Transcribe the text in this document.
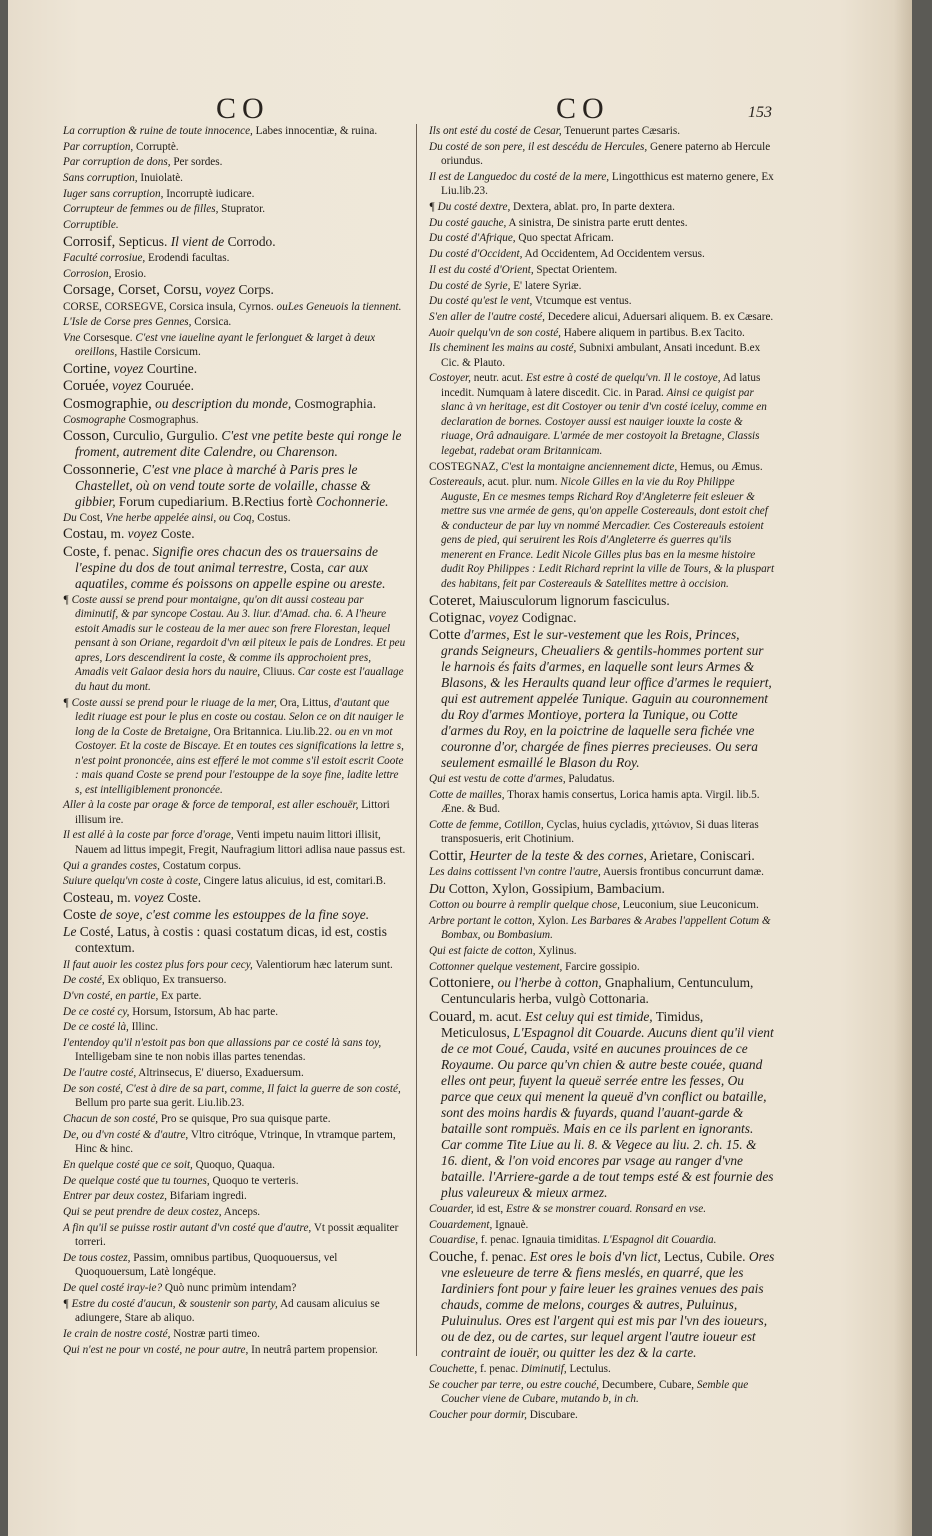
CO	CO	153
La corruption & ruine de toute innocence, Labes innocentiæ, & ruina.
Par corruption, Corruptè.
Par corruption de dons, Per sordes.
Sans corruption, Inuiolatè.
Iuger sans corruption, Incorruptè iudicare.
Corrupteur de femmes ou de filles, Stuprator.
Corruptible.
Corrosif, Septicus. Il vient de Corrodo.
Faculté corrosiue, Erodendi facultas.
Corrosion, Erosio.
Corsage, Corset, Corsu, voyez Corps.
CORSE, CORSEGVE, Corsica insula, Cyrnos. ouLes Geneuois la tiennent.
L'Isle de Corse pres Gennes, Corsica.
Vne Corsesque. C'est vne iaueline ayant le ferlonguet & larget à deux oreillons, Hastile Corsicum.
Cortine, voyez Courtine.
Coruée, voyez Couruée.
Cosmographie, ou description du monde, Cosmographia.
Cosmographe Cosmographus.
Cosson, Curculio, Gurgulio. C'est vne petite beste qui ronge le froment, autrement dite Calendre, ou Charenson.
Cossonnerie, C'est vne place à marché à Paris pres le Chastellet, où on vend toute sorte de volaille, chasse & gibbier, Forum cupediarium. B.Rectius fortè Cochonnerie.
Du Cost, Vne herbe appelée ainsi, ou Coq, Costus.
Costau, m. voyez Coste.
Coste, f. penac. Signifie ores chacun des os trauersains de l'espine du dos de tout animal terrestre, Costa, car aux aquatiles, comme és poissons on appelle espine ou areste.
¶ Coste aussi se prend pour montaigne, qu'on dit aussi costeau par diminutif, & par syncope Costau. Au 3. liur. d'Amad. cha. 6. A l'heure estoit Amadis sur le costeau de la mer auec son frere Florestan, lequel pensant à son Oriane, regardoit d'vn œil piteux le pais de Londres. Et peu apres, Lors descendirent la coste, & comme ils approchoient pres, Amadis veit Galaor desia hors du nauire, Cliuus. Car coste est l'auallage du haut du mont.
¶ Coste aussi se prend pour le riuage de la mer, Ora, Littus, d'autant que ledit riuage est pour le plus en coste ou costau. Selon ce on dit nauiger le long de la Coste de Bretaigne, Ora Britannica. Liu.lib.22. ou en vn mot Costoyer. Et la coste de Biscaye. Et en toutes ces significations la lettre s, n'est point prononcée, ains est efferé le mot comme s'il estoit escrit Coote : mais quand Coste se prend pour l'estouppe de la soye fine, ladite lettre s, est intelligiblement prononcée.
Aller à la coste par orage & force de temporal, est aller eschouër, Littori illisum ire.
Il est allé à la coste par force d'orage, Venti impetu nauim littori illisit, Nauem ad littus impegit, Fregit, Naufragium littori adlisa naue passus est.
Qui a grandes costes, Costatum corpus.
Suiure quelqu'vn coste à coste, Cingere latus alicuius, id est, comitari.B.
Costeau, m. voyez Coste.
Coste de soye, c'est comme les estouppes de la fine soye.
Le Costé, Latus, à costis : quasi costatum dicas, id est, costis contextum.
Il faut auoir les costez plus fors pour cecy, Valentiorum hæc laterum sunt.
De costé, Ex obliquo, Ex transuerso.
D'vn costé, en partie, Ex parte.
De ce costé cy, Horsum, Istorsum, Ab hac parte.
De ce costé là, Illinc.
I'entendoy qu'il n'estoit pas bon que allassions par ce costé là sans toy, Intelligebam sine te non nobis illas partes tenendas.
De l'autre costé, Altrinsecus, E' diuerso, Exaduersum.
De son costé, C'est à dire de sa part, comme, Il faict la guerre de son costé, Bellum pro parte sua gerit. Liu.lib.23.
Chacun de son costé, Pro se quisque, Pro sua quisque parte.
De, ou d'vn costé & d'autre, Vltro citróque, Vtrinque, In vtramque partem, Hinc & hinc.
En quelque costé que ce soit, Quoquo, Quaqua.
De quelque costé que tu tournes, Quoquo te verteris.
Entrer par deux costez, Bifariam ingredi.
Qui se peut prendre de deux costez, Anceps.
A fin qu'il se puisse rostir autant d'vn costé que d'autre, Vt possit æqualiter torreri.
De tous costez, Passim, omnibus partibus, Quoquouersus, vel Quoquouersum, Latè longéque.
De quel costé iray-ie? Quò nunc primùm intendam?
¶ Estre du costé d'aucun, & soustenir son party, Ad causam alicuius se adiungere, Stare ab aliquo.
Ie crain de nostre costé, Nostræ parti timeo.
Qui n'est ne pour vn costé, ne pour autre, In neutrâ partem propensior.
Ils ont esté du costé de Cesar, Tenuerunt partes Cæsaris.
Du costé de son pere, il est descédu de Hercules, Genere paterno ab Hercule oriundus.
Il est de Languedoc du costé de la mere, Lingotthicus est materno genere, Ex Liu.lib.23.
¶ Du costé dextre, Dextera, ablat. pro, In parte dextera.
Du costé gauche, A sinistra, De sinistra parte erutt dentes.
Du costé d'Afrique, Quo spectat Africam.
Du costé d'Occident, Ad Occidentem, Ad Occidentem versus.
Il est du costé d'Orient, Spectat Orientem.
Du costé de Syrie, E' latere Syriæ.
Du costé qu'est le vent, Vtcumque est ventus.
S'en aller de l'autre costé, Decedere alicui, Aduersari aliquem. B. ex Cæsare.
Auoir quelqu'vn de son costé, Habere aliquem in partibus. B.ex Tacito.
Ils cheminent les mains au costé, Subnixi ambulant, Ansati incedunt. B.ex Cic. & Plauto.
Costoyer, neutr. acut. Est estre à costé de quelqu'vn. Il le costoye, Ad latus incedit. Numquam à latere discedit. Cic. in Parad. Ainsi ce quigist par slanc à vn heritage, est dit Costoyer ou tenir d'vn costé iceluy, comme en declaration de bornes. Costoyer aussi est nauiger iouxte la coste & riuage, Orâ adnauigare. L'armée de mer costoyoit la Bretagne, Classis legebat, radebat oram Britannicam.
COSTEGNAZ, C'est la montaigne anciennement dicte, Hemus, ou Æmus.
Costereauls, acut. plur. num. Nicole Gilles en la vie du Roy Philippe Auguste, En ce mesmes temps Richard Roy d'Angleterre feit esleuer & mettre sus vne armée de gens, qu'on appelle Costereauls, dont estoit chef & conducteur de par luy vn nommé Mercadier. Ces Costereauls estoient gens de pied, qui seruirent les Rois d'Angleterre és guerres qu'ils menerent en France. Ledit Nicole Gilles plus bas en la mesme histoire dudit Roy Philippes : Ledit Richard reprint la ville de Tours, & la pluspart des habitans, feit par Costereauls & Satellites mettre à occision.
Coteret, Maiusculorum lignorum fasciculus.
Cotignac, voyez Codignac.
Cotte d'armes, Est le sur-vestement que les Rois, Princes, grands Seigneurs, Cheualiers & gentils-hommes portent sur le harnois és faits d'armes, en laquelle sont leurs Armes & Blasons, & les Heraults quand leur office d'armes le requiert, qui est autrement appelée Tunique. Gaguin au couronnement du Roy d'armes Montioye, portera la Tunique, ou Cotte d'armes du Roy, en la poictrine de laquelle sera fichée vne couronne d'or, chargée de fines pierres precieuses. Ou sera seulement esmaillé le Blason du Roy.
Qui est vestu de cotte d'armes, Paludatus.
Cotte de mailles, Thorax hamis consertus, Lorica hamis apta. Virgil. lib.5. Æne. & Bud.
Cotte de femme, Cotillon, Cyclas, huius cycladis, χιτώνιον, Si duas literas transposueris, erit Chotinium.
Cottir, Heurter de la teste & des cornes, Arietare, Coniscari.
Les dains cottissent l'vn contre l'autre, Auersis frontibus concurrunt damæ.
Du Cotton, Xylon, Gossipium, Bambacium.
Cotton ou bourre à remplir quelque chose, Leuconium, siue Leuconicum.
Arbre portant le cotton, Xylon. Les Barbares & Arabes l'appellent Cotum & Bombax, ou Bombasium.
Qui est faicte de cotton, Xylinus.
Cottonner quelque vestement, Farcire gossipio.
Cottoniere, ou l'herbe à cotton, Gnaphalium, Centunculum, Centuncularis herba, vulgò Cottonaria.
Couard, m. acut. Est celuy qui est timide, Timidus, Meticulosus, L'Espagnol dit Couarde. Aucuns dient qu'il vient de ce mot Coué, Cauda, vsité en aucunes prouinces de ce Royaume. Ou parce qu'vn chien & autre beste couée, quand elles ont peur, fuyent la queuë serrée entre les fesses, Ou parce que ceux qui menent la queuë d'vn conflict ou bataille, sont des moins hardis & fuyards, quand l'auant-garde & bataille sont rompuës. Mais en ce ils parlent en ignorants. Car comme Tite Liue au li. 8. & Vegece au liu. 2. ch. 15. & 16. dient, & l'on void encores par vsage au ranger d'vne bataille. l'Arriere-garde a de tout temps esté & est fournie des plus valeureux & mieux armez.
Couarder, id est, Estre & se monstrer couard. Ronsard en vse.
Couardement, Ignauè.
Couardise, f. penac. Ignauia timiditas. L'Espagnol dit Couardia.
Couche, f. penac. Est ores le bois d'vn lict, Lectus, Cubile. Ores vne esleueure de terre & fiens meslés, en quarré, que les Iardiniers font pour y faire leuer les graines venues des pais chauds, comme de melons, courges & autres, Puluinus, Puluinulus. Ores est l'argent qui est mis par l'vn des ioueurs, ou de dez, ou de cartes, sur lequel argent l'autre ioueur est contraint de iouër, ou quitter les dez & la carte.
Couchette, f. penac. Diminutif, Lectulus.
Se coucher par terre, ou estre couché, Decumbere, Cubare, Semble que Coucher viene de Cubare, mutando b, in ch.
Coucher pour dormir, Discubare.
